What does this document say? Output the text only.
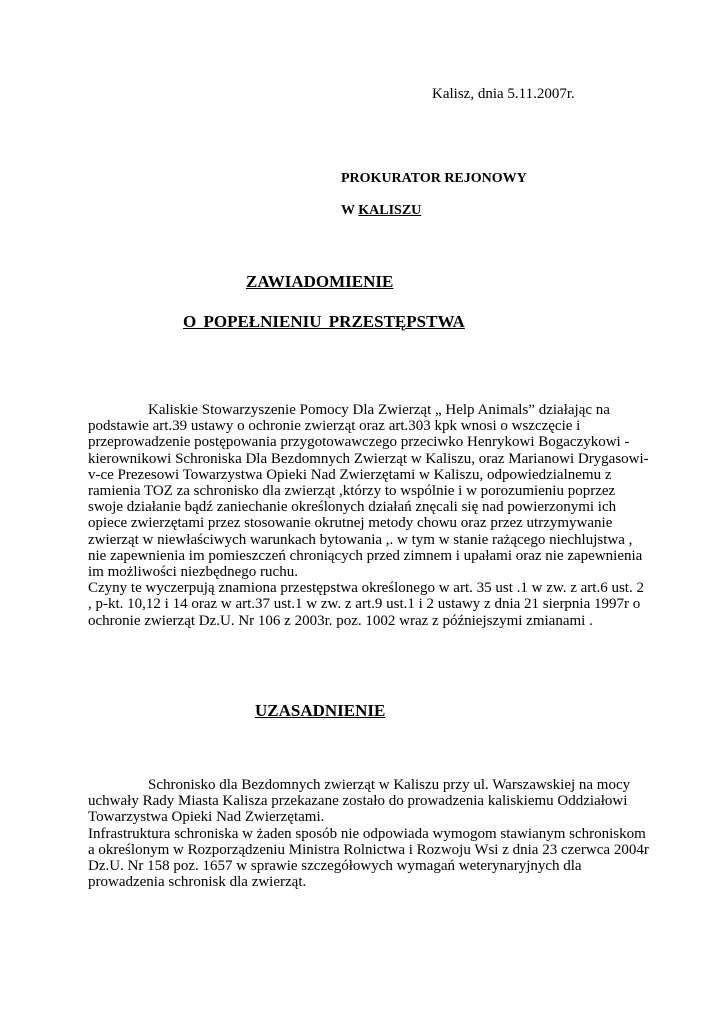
Kalisz, dnia 5.11.2007r.
PROKURATOR REJONOWY
W KALISZU
ZAWIADOMIENIE
O POPEŁNIENIU PRZESTĘPSTWA
Kaliskie Stowarzyszenie Pomocy Dla Zwierząt „ Help Animals” działając na
podstawie art.39 ustawy o ochronie zwierząt oraz art.303 kpk wnosi o wszczęcie i
przeprowadzenie postępowania przygotowawczego przeciwko Henrykowi Bogaczykowi -
kierownikowi Schroniska Dla Bezdomnych Zwierząt w Kaliszu, oraz Marianowi Drygasowi-
v-ce Prezesowi Towarzystwa Opieki Nad Zwierzętami w Kaliszu, odpowiedzialnemu z
ramienia TOZ za schronisko dla zwierząt ,którzy to wspólnie i w porozumieniu poprzez
swoje działanie bądź zaniechanie określonych działań znęcali się nad powierzonymi ich
opiece zwierzętami przez stosowanie okrutnej metody chowu oraz przez utrzymywanie
zwierząt w niewłaściwych warunkach bytowania ,. w tym w stanie rażącego niechlujstwa ,
nie zapewnienia im pomieszczeń chroniących przed zimnem i upałami oraz nie zapewnienia
im możliwości niezbędnego ruchu.
Czyny te wyczerpują znamiona przestępstwa określonego w art. 35 ust .1 w zw. z art.6 ust. 2
, p-kt. 10,12 i 14 oraz w art.37 ust.1 w zw. z art.9 ust.1 i 2 ustawy z dnia 21 sierpnia 1997r o
ochronie zwierząt Dz.U. Nr 106 z 2003r. poz. 1002 wraz z późniejszymi zmianami .
UZASADNIENIE
Schronisko dla Bezdomnych zwierząt w Kaliszu przy ul. Warszawskiej na mocy
uchwały Rady Miasta Kalisza przekazane zostało do prowadzenia kaliskiemu Oddziałowi
Towarzystwa Opieki Nad Zwierzętami.
Infrastruktura schroniska w żaden sposób nie odpowiada wymogom stawianym schroniskom
a określonym w Rozporządzeniu Ministra Rolnictwa i Rozwoju Wsi z dnia 23 czerwca 2004r
Dz.U. Nr 158 poz. 1657 w sprawie szczegółowych wymagań weterynaryjnych dla
prowadzenia schronisk dla zwierząt.
